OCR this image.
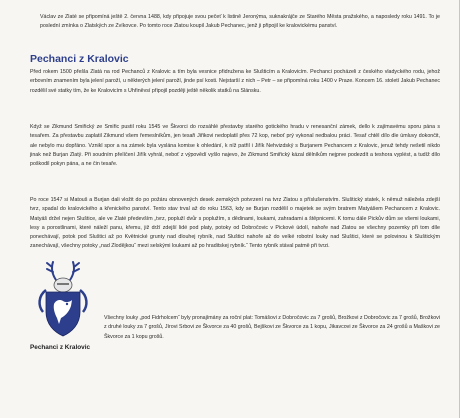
Václav ze Zlaté se připomíná ještě 2. června 1488, kdy připojuje svou pečeť k listině Jeronýma, suknakrájče ze Starého Města pražského, a naposledy roku 1491. To je poslední zmínka o Zlatských ze Zvíkovce. Po tomto roce Zlatou koupil Jakub Pechanec, jenž ji připojil ke kralovickému panství.

Pechanci z Kralovic

Před rokem 1500 přešla Zlatá na rod Pechanců z Kralovic a tím byla vesnice přidružena ke Slušticím a Kralovicím. Pechanci pocházeli z českého vladyckého rodu, jehož erbovním znamením byla jelení paroží, u některých jelení paroží, jinde psí kosti. Nejstarší z nich – Petr – se připomíná roku 1400 v Praze. Koncem 16. století Jakub Pechanec rozdělil své statky tím, že ke Kralovicím s Uhřiněvsí připojil později ještě několik statků na Slánsku.

Když se Zikmund Smiřický ze Smiřic pustil roku 1545 ve Škvorci do rozsáhlé přestavby starého gotického hradu v renesanční zámek, dello k zajímavému sporu pána s tesařem. Za přestavbu zaplatil Zikmund všem řemeslníkům, jen tesaři Jiřikovi nedoplatil přes 72 kop, neboť prý vykonal nedbalou práci. Tesař chtěl dílo dle úmluvy dokončit, ale nebylo mu dopřáno. Vznikl spor a na zámek byla vyslána komise k ohledání, k níž patřil i Jiřík Nehvizdský s Burjanem Pechancem z Kralovic, jenuž tehdy nešetil nikdo jinak než Burjan Zlatý. Při soudním přelíčení Jiřík vyhrál, neboť z výpovědí vyšlo najevo, že Zikmund Smiřický kázal dělníkům nejprve podezdít a teshora vyplést, a tudíž dílo poškodil pokyn pána, a ne čin tesaře.

Po roce 1547 si Matouš a Burjan dali vložit do po požáru obnovených desek zemských potvrzení na tvrz Zlatou s příslušenstvím. Sluštický statek, k němuž náležela zdejší tvrz, spadal do kralovického a křenického panství. Tento stav trval až do roku 1563, kdy se Burjan rozdělil o majetek se svým bratrem Matyášem Pechancem z Kralovic. Matyáš držel nejen Sluštice, ale ve Zlaté především „tvrz, popluží dvůr s poplužím, s dědinami, loukami, zahradami a štěpnicemi. K tomu dále Pickův dům se všemi loukami, lesy a porostlinami, které náleží panu, křemu, již drží zdejší lidé pod platy, potoky od Dobročovic v Pickové údolí, nahoře nad Zlatou se všechny pozemky při tom díle ponechávají, potok pod Sluštici až po Květnické grunty nad dlouhej rybník, nad Sluštici nahoře až do velké robotní louky nad Sluštici, které se polovinou k Sluštickým zanechávají, všechny potoky „nad Zlodějkou“ mezi selskými loukami až po hraditskej rybník.“ Tento rybník stával patmě při tvrzi.

Všechny louky „pod Fidrholcem“ byly pronajímány za roční plat: Tomášovi z Dobročovic za 7 grošů, Brožkovi z Dobročovic za 7 grošů, Brožkovi z druhé louky za 7 grošů, Jírovi Srbovi ze Škvorce za 40 grošů, Bejškovi ze Škvorce za 1 kopu, Jikavcovi ze Škvorce za 24 grošů a Maškovi ze Škvorce za 1 kopu grošů.

Pechanci z Kralovic
